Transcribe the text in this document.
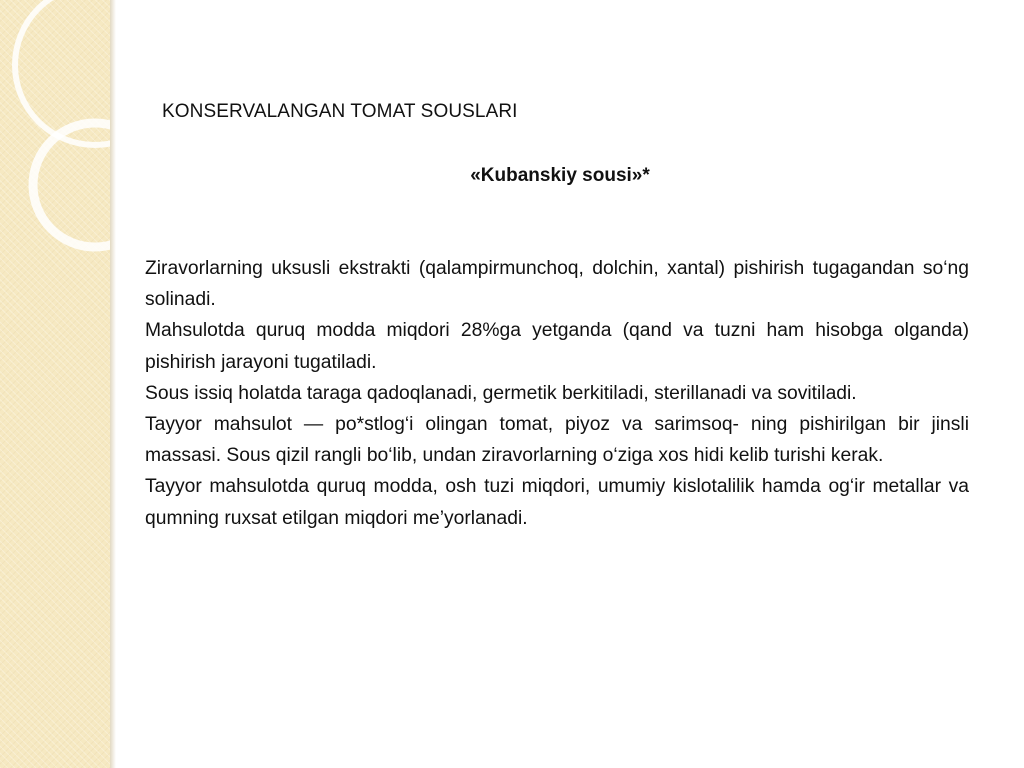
KONSERVALANGAN TOMAT SOUSLARI
«Kubanskiy sousi»*

Ziravorlarning uksusli ekstrakti (qalampirmunchoq, dolchin, xantal) pishirish tugagandan so‘ng solinadi.

Mahsulotda quruq modda miqdori 28%ga yetganda (qand va tuzni ham hisobga olganda) pishirish jarayoni tugatiladi.

Sous issiq holatda taraga qadoqlanadi, germetik berkitiladi, sterillanadi va sovitiladi.

Tayyor mahsulot — po*stlog‘i olingan tomat, piyoz va sarimsoq- ning pishirilgan bir jinsli massasi. Sous qizil rangli bo‘lib, undan ziravorlarning o‘ziga xos hidi kelib turishi kerak.

Tayyor mahsulotda quruq modda, osh tuzi miqdori, umumiy kislotalilik hamda og‘ir metallar va qumning ruxsat etilgan miqdori me’yorlanadi.
